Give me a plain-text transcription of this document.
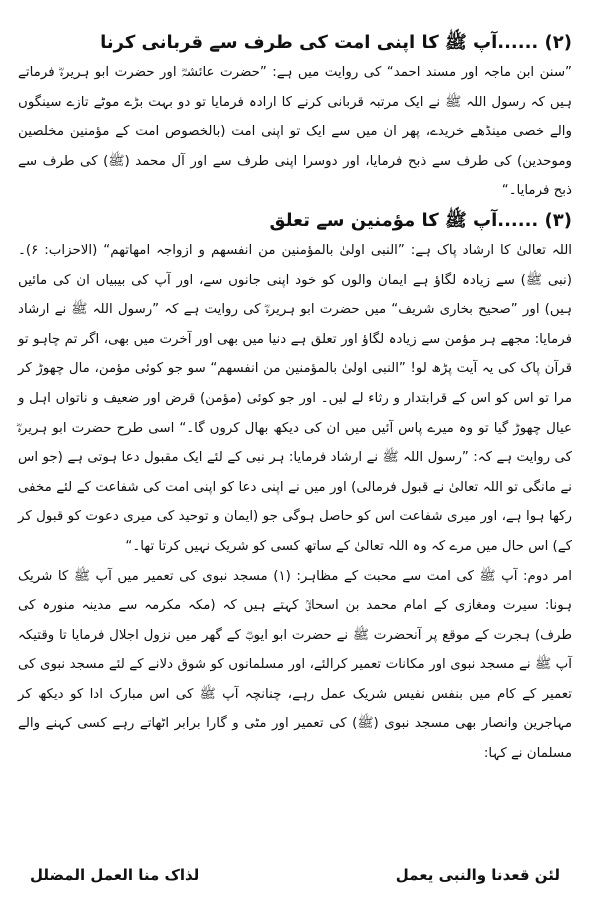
(۲) ......آپ ﷺ کا اپنی امت کی طرف سے قربانی کرنا

”سنن ابن ماجہ اور مسند احمد“ کی روایت میں ہے: ”حضرت عائشہؓ اور حضرت ابو ہریرہؓ فرماتے ہیں کہ رسول اللہ ﷺ نے ایک مرتبہ قربانی کرنے کا ارادہ فرمایا تو دو بہت بڑے موٹے تازے سینگوں والے خصی مینڈھے خریدے، پھر ان میں سے ایک تو اپنی امت (بالخصوص امت کے مؤمنین مخلصین وموحدین) کی طرف سے ذبح فرمایا، اور دوسرا اپنی طرف سے اور آل محمد (ﷺ) کی طرف سے ذبح فرمایا۔“

(۳) ......آپ ﷺ کا مؤمنین سے تعلق

اللہ تعالیٰ کا ارشاد پاک ہے: ”النبی اولیٰ بالمؤمنین من انفسھم و ازواجہ امھاتھم“ (الاحزاب: ۶)۔ (نبی ﷺ) سے زیادہ لگاؤ ہے ایمان والوں کو خود اپنی جانوں سے، اور آپ کی بیبیاں ان کی مائیں ہیں) اور ”صحیح بخاری شریف“ میں حضرت ابو ہریرہؓ کی روایت ہے کہ ”رسول اللہ ﷺ نے ارشاد فرمایا: مجھے ہر مؤمن سے زیادہ لگاؤ اور تعلق ہے دنیا میں بھی اور آخرت میں بھی، اگر تم چاہو تو قرآن پاک کی یہ آیت پڑھ لو! ”النبی اولیٰ بالمؤمنین من انفسھم“ سو جو کوئی مؤمن، مال چھوڑ کر مرا تو اس کو اس کے قرابتدار و رثاء لے لیں۔ اور جو کوئی (مؤمن) قرض اور ضعیف و ناتواں اہل و عیال چھوڑ گیا تو وہ میرے پاس آئیں میں ان کی دیکھ بھال کروں گا۔“ اسی طرح حضرت ابو ہریرہؓ کی روایت ہے کہ: ”رسول اللہ ﷺ نے ارشاد فرمایا: ہر نبی کے لئے ایک مقبول دعا ہوتی ہے (جو اس نے مانگی تو اللہ تعالیٰ نے قبول فرمالی) اور میں نے اپنی دعا کو اپنی امت کی شفاعت کے لئے مخفی رکھا ہوا ہے، اور میری شفاعت اس کو حاصل ہوگی جو (ایمان و توحید کی میری دعوت کو قبول کر کے) اس حال میں مرے کہ وہ اللہ تعالیٰ کے ساتھ کسی کو شریک نہیں کرتا تھا۔“

امر دوم: آپ ﷺ کی امت سے محبت کے مظاہر: (۱) مسجد نبوی کی تعمیر میں آپ ﷺ کا شریک ہونا: سیرت ومغازی کے امام محمد بن اسحاقؒ کہتے ہیں کہ (مکہ مکرمہ سے مدینہ منورہ کی طرف) ہجرت کے موقع پر آنحضرت ﷺ نے حضرت ابو ایوبؓ کے گھر میں نزول اجلال فرمایا تا وقتیکہ آپ ﷺ نے مسجد نبوی اور مکانات تعمیر کرالئے، اور مسلمانوں کو شوق دلانے کے لئے مسجد نبوی کی تعمیر کے کام میں بنفس نفیس شریک عمل رہے، چنانچہ آپ ﷺ کی اس مبارک ادا کو دیکھ کر مہاجرین وانصار بھی مسجد نبوی (ﷺ) کی تعمیر اور مٹی و گارا برابر اٹھاتے رہے کسی کہنے والے مسلمان نے کہا:

لئن قعدنا والنبی یعمل
لذاک منا العمل المضلل
